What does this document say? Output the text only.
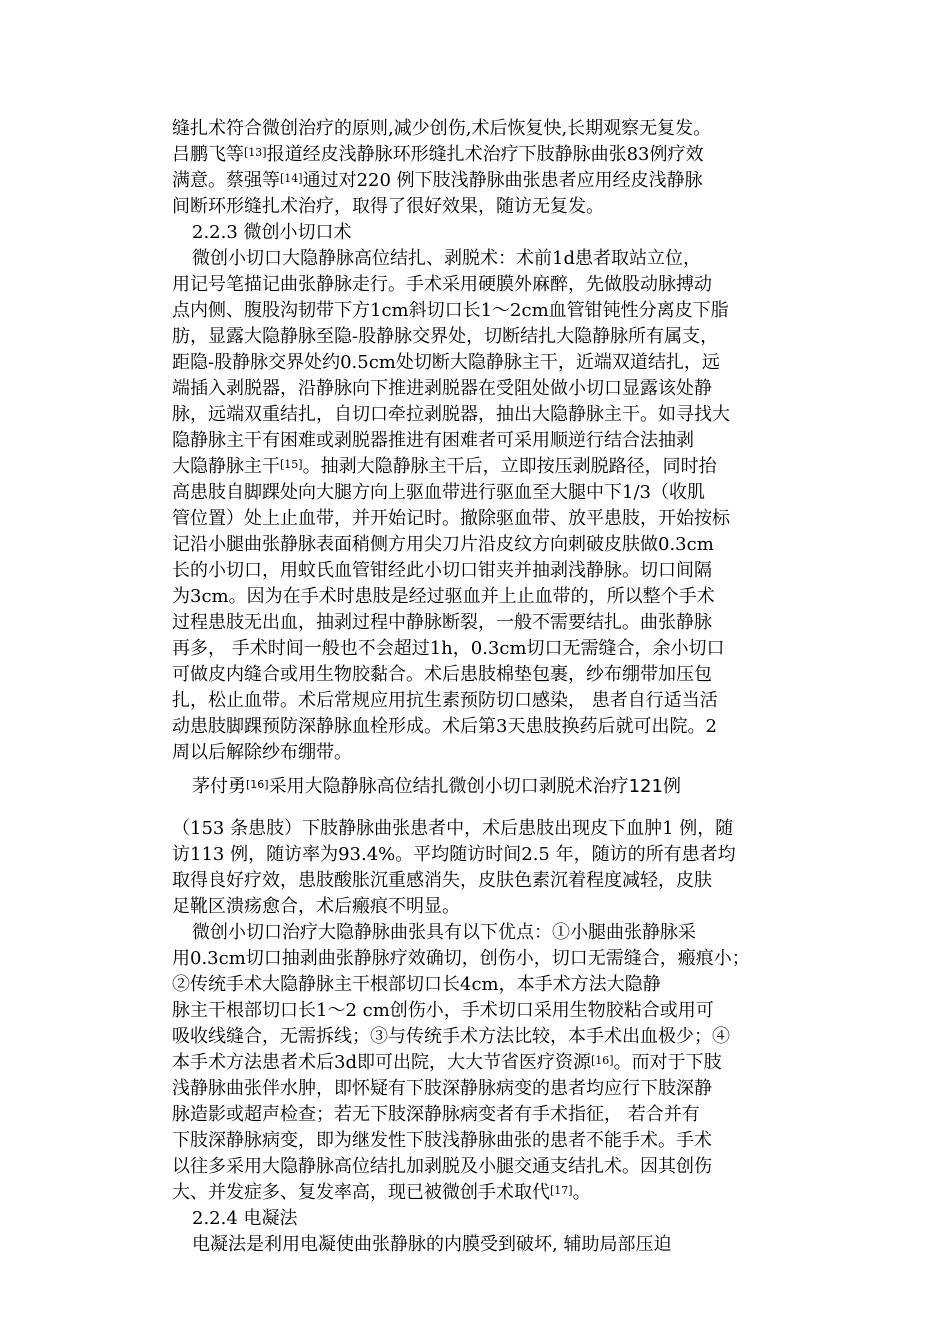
缝扎术符合微创治疗的原则,减少创伤,术后恢复快,长期观察无复发。
吕鹏飞等[13]报道经皮浅静脉环形缝扎术治疗下肢静脉曲张83例疗效
满意。蔡强等[14]通过对220 例下肢浅静脉曲张患者应用经皮浅静脉
间断环形缝扎术治疗，取得了很好效果，随访无复发。
2.2.3 微创小切口术
微创小切口大隐静脉高位结扎、剥脱术：术前1d患者取站立位，
用记号笔描记曲张静脉走行。手术采用硬膜外麻醉，先做股动脉搏动
点内侧、腹股沟韧带下方1cm斜切口长1～2cm血管钳钝性分离皮下脂
肪，显露大隐静脉至隐-股静脉交界处，切断结扎大隐静脉所有属支，
距隐-股静脉交界处约0.5cm处切断大隐静脉主干，近端双道结扎，远
端插入剥脱器，沿静脉向下推进剥脱器在受阻处做小切口显露该处静
脉，远端双重结扎，自切口牵拉剥脱器，抽出大隐静脉主干。如寻找大
隐静脉主干有困难或剥脱器推进有困难者可采用顺逆行结合法抽剥
大隐静脉主干[15]。抽剥大隐静脉主干后，立即按压剥脱路径，同时抬
高患肢自脚踝处向大腿方向上驱血带进行驱血至大腿中下1/3（收肌
管位置）处上止血带，并开始记时。撤除驱血带、放平患肢，开始按标
记沿小腿曲张静脉表面稍侧方用尖刀片沿皮纹方向刺破皮肤做0.3cm
长的小切口，用蚊氏血管钳经此小切口钳夹并抽剥浅静脉。切口间隔
为3cm。因为在手术时患肢是经过驱血并上止血带的，所以整个手术
过程患肢无出血，抽剥过程中静脉断裂，一般不需要结扎。曲张静脉
再多， 手术时间一般也不会超过1h，0.3cm切口无需缝合，余小切口
可做皮内缝合或用生物胶黏合。术后患肢棉垫包裹，纱布绷带加压包
扎，松止血带。术后常规应用抗生素预防切口感染， 患者自行适当活
动患肢脚踝预防深静脉血栓形成。术后第3天患肢换药后就可出院。2
周以后解除纱布绷带。
茅付勇[16]采用大隐静脉高位结扎微创小切口剥脱术治疗121例
（153 条患肢）下肢静脉曲张患者中，术后患肢出现皮下血肿1 例，随
访113 例，随访率为93.4%。平均随访时间2.5 年，随访的所有患者均
取得良好疗效，患肢酸胀沉重感消失，皮肤色素沉着程度减轻，皮肤
足靴区溃疡愈合，术后瘢痕不明显。
微创小切口治疗大隐静脉曲张具有以下优点：①小腿曲张静脉采
用0.3cm切口抽剥曲张静脉疗效确切，创伤小，切口无需缝合，瘢痕小；
②传统手术大隐静脉主干根部切口长4cm，本手术方法大隐静
脉主干根部切口长1～2 cm创伤小，手术切口采用生物胶粘合或用可
吸收线缝合，无需拆线；③与传统手术方法比较，本手术出血极少；④
本手术方法患者术后3d即可出院，大大节省医疗资源[16]。而对于下肢
浅静脉曲张伴水肿，即怀疑有下肢深静脉病变的患者均应行下肢深静
脉造影或超声检查；若无下肢深静脉病变者有手术指征， 若合并有
下肢深静脉病变，即为继发性下肢浅静脉曲张的患者不能手术。手术
以往多采用大隐静脉高位结扎加剥脱及小腿交通支结扎术。因其创伤
大、并发症多、复发率高，现已被微创手术取代[17]。
2.2.4 电凝法
电凝法是利用电凝使曲张静脉的内膜受到破坏, 辅助局部压迫
